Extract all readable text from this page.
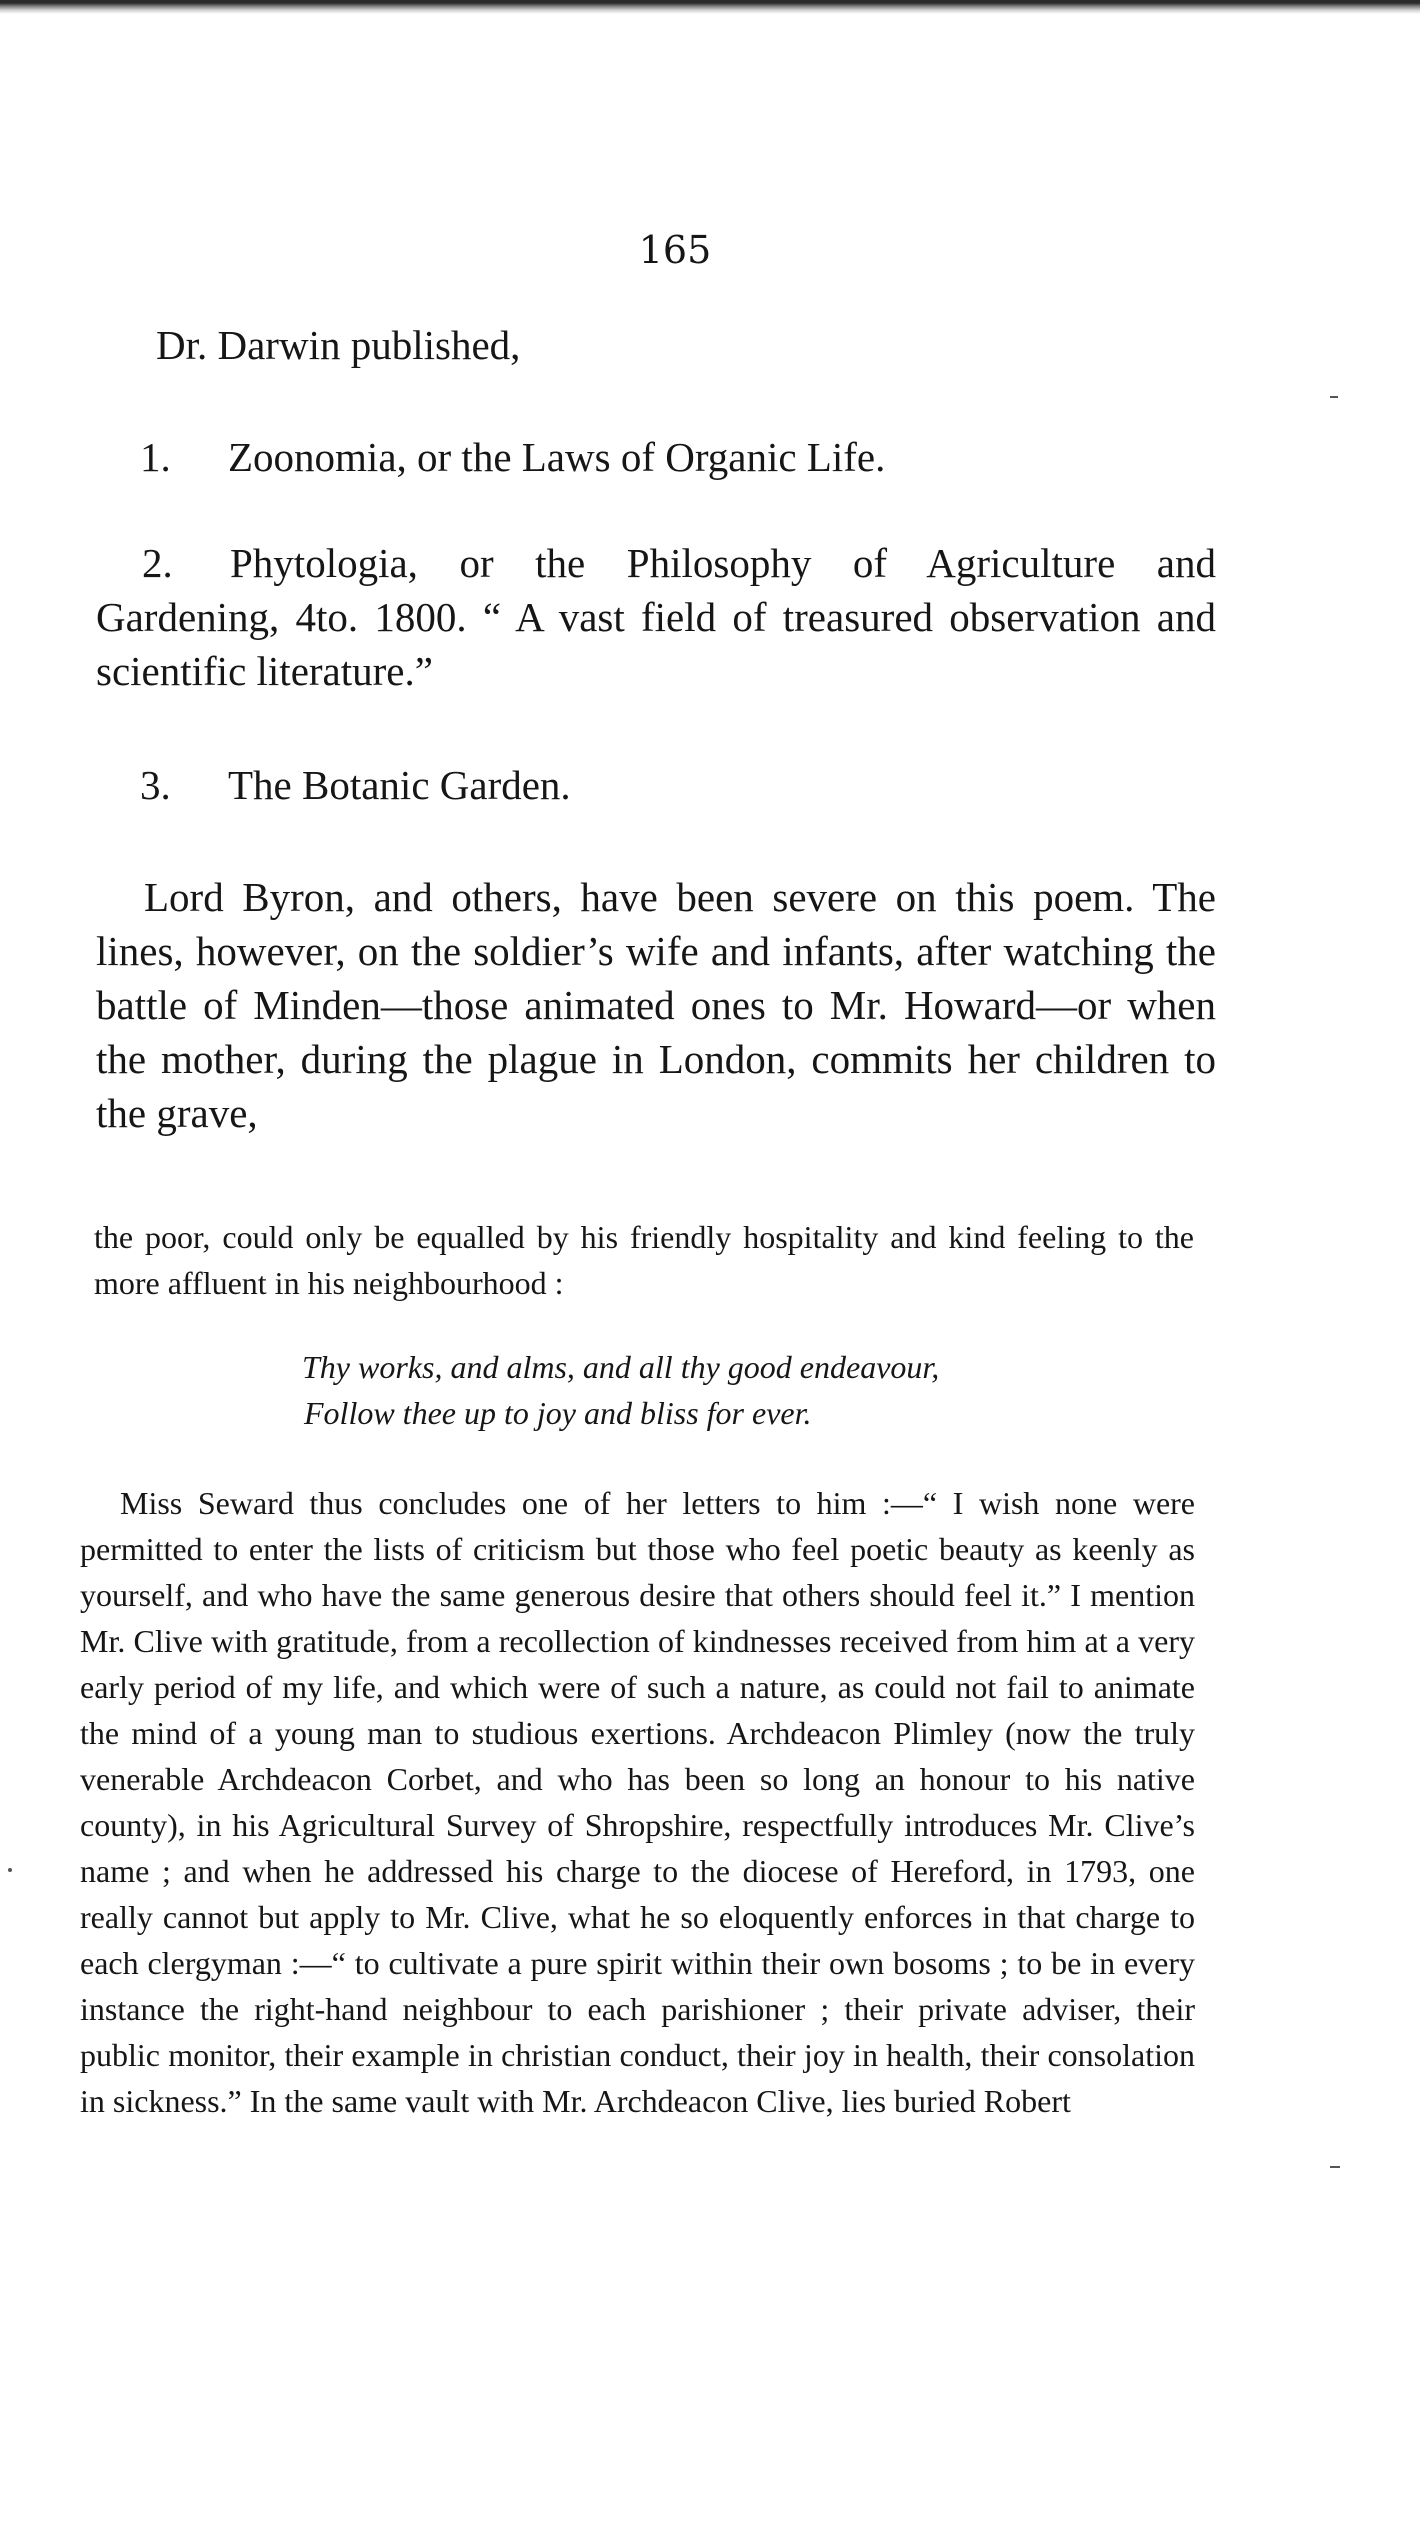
165
Dr. Darwin published,
1. Zoonomia, or the Laws of Organic Life.
2. Phytologia, or the Philosophy of Agriculture and Gardening, 4to. 1800. “ A vast field of treasured observation and scientific literature.”
3. The Botanic Garden.
Lord Byron, and others, have been severe on this poem. The lines, however, on the soldier’s wife and infants, after watching the battle of Minden—those animated ones to Mr. Howard—or when the mother, during the plague in London, commits her children to the grave,
the poor, could only be equalled by his friendly hospitality and kind feeling to the more affluent in his neighbourhood :
Thy works, and alms, and all thy good endeavour,
Follow thee up to joy and bliss for ever.

Miss Seward thus concludes one of her letters to him :—“ I wish none were permitted to enter the lists of criticism but those who feel poetic beauty as keenly as yourself, and who have the same generous desire that others should feel it.” I mention Mr. Clive with gratitude, from a recollection of kindnesses received from him at a very early period of my life, and which were of such a nature, as could not fail to animate the mind of a young man to studious exertions. Archdeacon Plimley (now the truly venerable Archdeacon Corbet, and who has been so long an honour to his native county), in his Agricultural Survey of Shropshire, respectfully introduces Mr. Clive’s name ; and when he addressed his charge to the diocese of Hereford, in 1793, one really cannot but apply to Mr. Clive, what he so eloquently enforces in that charge to each clergyman :—“ to cultivate a pure spirit within their own bosoms ; to be in every instance the right-hand neighbour to each parishioner ; their private adviser, their public monitor, their example in christian conduct, their joy in health, their consolation in sickness.” In the same vault with Mr. Archdeacon Clive, lies buried Robert
